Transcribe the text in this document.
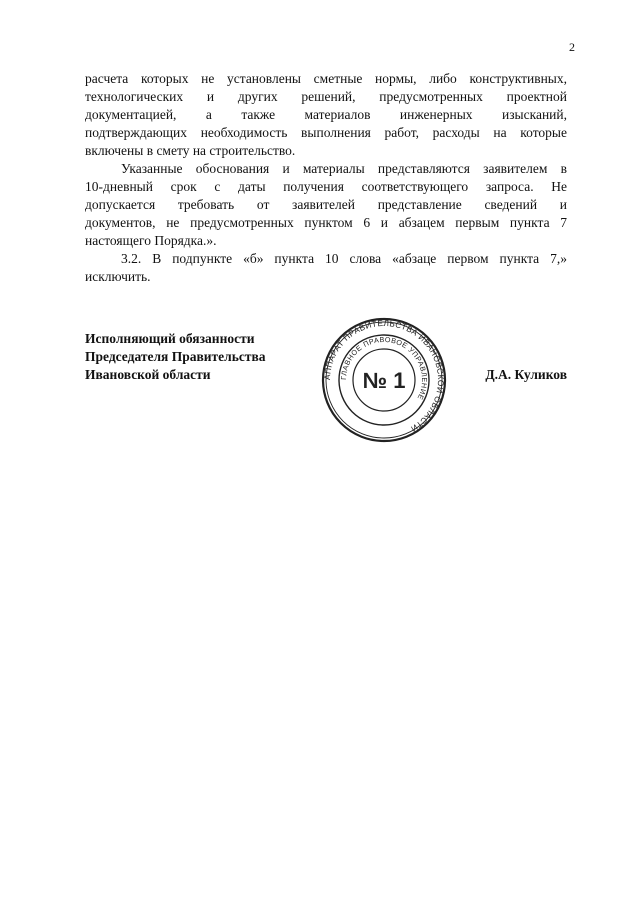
2
расчета которых не установлены сметные нормы, либо конструктивных,
технологических и других решений, предусмотренных проектной
документацией, а также материалов инженерных изысканий,
подтверждающих необходимость выполнения работ, расходы на которые
включены в смету на строительство.
Указанные обоснования и материалы представляются заявителем в
10-дневный срок с даты получения соответствующего запроса. Не
допускается требовать от заявителей представление сведений и
документов, не предусмотренных пунктом 6 и абзацем первым пункта 7
настоящего Порядка.».
3.2. В подпункте «б» пункта 10 слова «абзаце первом пункта 7,»
исключить.
Исполняющий обязанности
Председателя Правительства
Ивановской области	АППАРАТ ПРАВИТЕЛЬСТВА ИВАНОВСКОЙ ОБЛАСТИ
ГЛАВНОЕ ПРАВОВОЕ УПРАВЛЕНИЕ
№ 1	Д.А. Куликов
